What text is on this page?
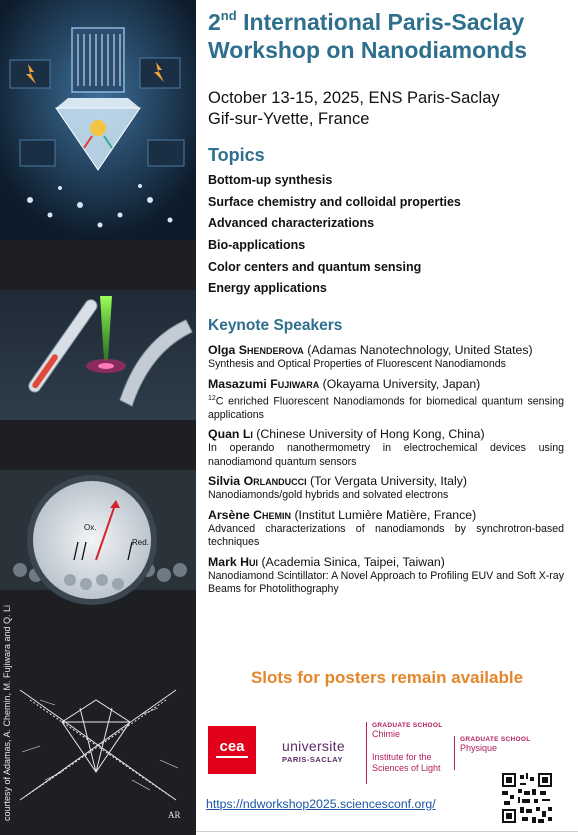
Ox.
Red.
AR
courtesy of Adamas, A. Chemin, M. Fujiwara and Q. Li
2nd International Paris-Saclay
Workshop on Nanodiamonds
October 13-15, 2025, ENS Paris-Saclay
Gif-sur-Yvette, France
Topics
Bottom-up synthesis
Surface chemistry and colloidal properties
Advanced characterizations
Bio-applications
Color centers and quantum sensing
Energy applications
Keynote Speakers
Olga Shenderova (Adamas Nanotechnology, United States)
Synthesis and Optical Properties of Fluorescent Nanodiamonds
Masazumi Fujiwara (Okayama University, Japan)
$^{12}$C enriched Fluorescent Nanodiamonds for biomedical quantum sensing applications
Quan Li (Chinese University of Hong Kong, China)
In operando nanothermometry in electrochemical devices using nanodiamond quantum sensors
Silvia Orlanducci (Tor Vergata University, Italy)
Nanodiamonds/gold hybrids and solvated electrons
Arsène Chemin (Institut Lumière Matière, France)
Advanced characterizations of nanodiamonds by synchrotron-based techniques
Mark Hui (Academia Sinica, Taipei, Taiwan)
Nanodiamond Scintillator: A Novel Approach to Profiling EUV and Soft X-ray Beams for Photolithography
Slots for posters remain available
cea	universite
PARIS-SACLAY
GRADUATE SCHOOL
Chimie
Institute for the
Sciences of Light
GRADUATE SCHOOL
Physique
https://ndworkshop2025.sciencesconf.org/
